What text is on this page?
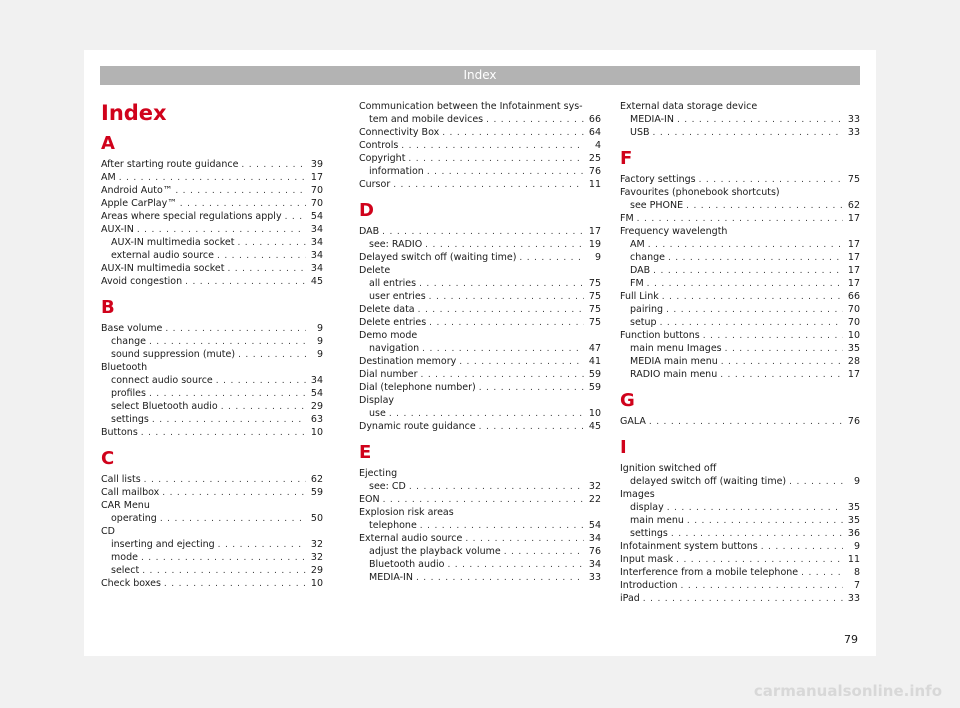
Index
Index
A
After starting route guidance . . .	39
AM . . .	17
Android Auto™ . . .	70
Apple CarPlay™ . . .	70
Areas where special regulations apply . . .	54
AUX-IN . . .	34
AUX-IN multimedia socket . . .	34
external audio source . . .	34
AUX-IN multimedia socket . . .	34
Avoid congestion . . .	45
B
Base volume . . .	9
change . . .	9
sound suppression (mute) . . .	9
Bluetooth
connect audio source . . .	34
profiles . . .	54
select Bluetooth audio . . .	29
settings . . .	63
Buttons . . .	10
C
Call lists . . .	62
Call mailbox . . .	59
CAR Menu
operating . . .	50
CD
inserting and ejecting . . .	32
mode . . .	32
select . . .	29
Check boxes . . .	10
Communication between the Infotainment sys-
tem and mobile devices . . .	66
Connectivity Box . . .	64
Controls . . .	4
Copyright . . .	25
information . . .	76
Cursor . . .	11
D
DAB . . .	17
see: RADIO . . .	19
Delayed switch off (waiting time) . . .	9
Delete
all entries . . .	75
user entries . . .	75
Delete data . . .	75
Delete entries . . .	75
Demo mode
navigation . . .	47
Destination memory . . .	41
Dial number . . .	59
Dial (telephone number) . . .	59
Display
use . . .	10
Dynamic route guidance . . .	45
E
Ejecting
see: CD . . .	32
EON . . .	22
Explosion risk areas
telephone . . .	54
External audio source . . .	34
adjust the playback volume . . .	76
Bluetooth audio . . .	34
MEDIA-IN . . .	33
External data storage device
MEDIA-IN . . .	33
USB . . .	33
F
Factory settings . . .	75
Favourites (phonebook shortcuts)
see PHONE . . .	62
FM . . .	17
Frequency wavelength
AM . . .	17
change . . .	17
DAB . . .	17
FM . . .	17
Full Link . . .	66
pairing . . .	70
setup . . .	70
Function buttons . . .	10
main menu Images . . .	35
MEDIA main menu . . .	28
RADIO main menu . . .	17
G
GALA . . .	76
I
Ignition switched off
delayed switch off (waiting time) . . .	9
Images
display . . .	35
main menu . . .	35
settings . . .	36
Infotainment system buttons . . .	9
Input mask . . .	11
Interference from a mobile telephone . . .	8
Introduction . . .	7
iPad . . .	33
79
carmanualsonline.info
